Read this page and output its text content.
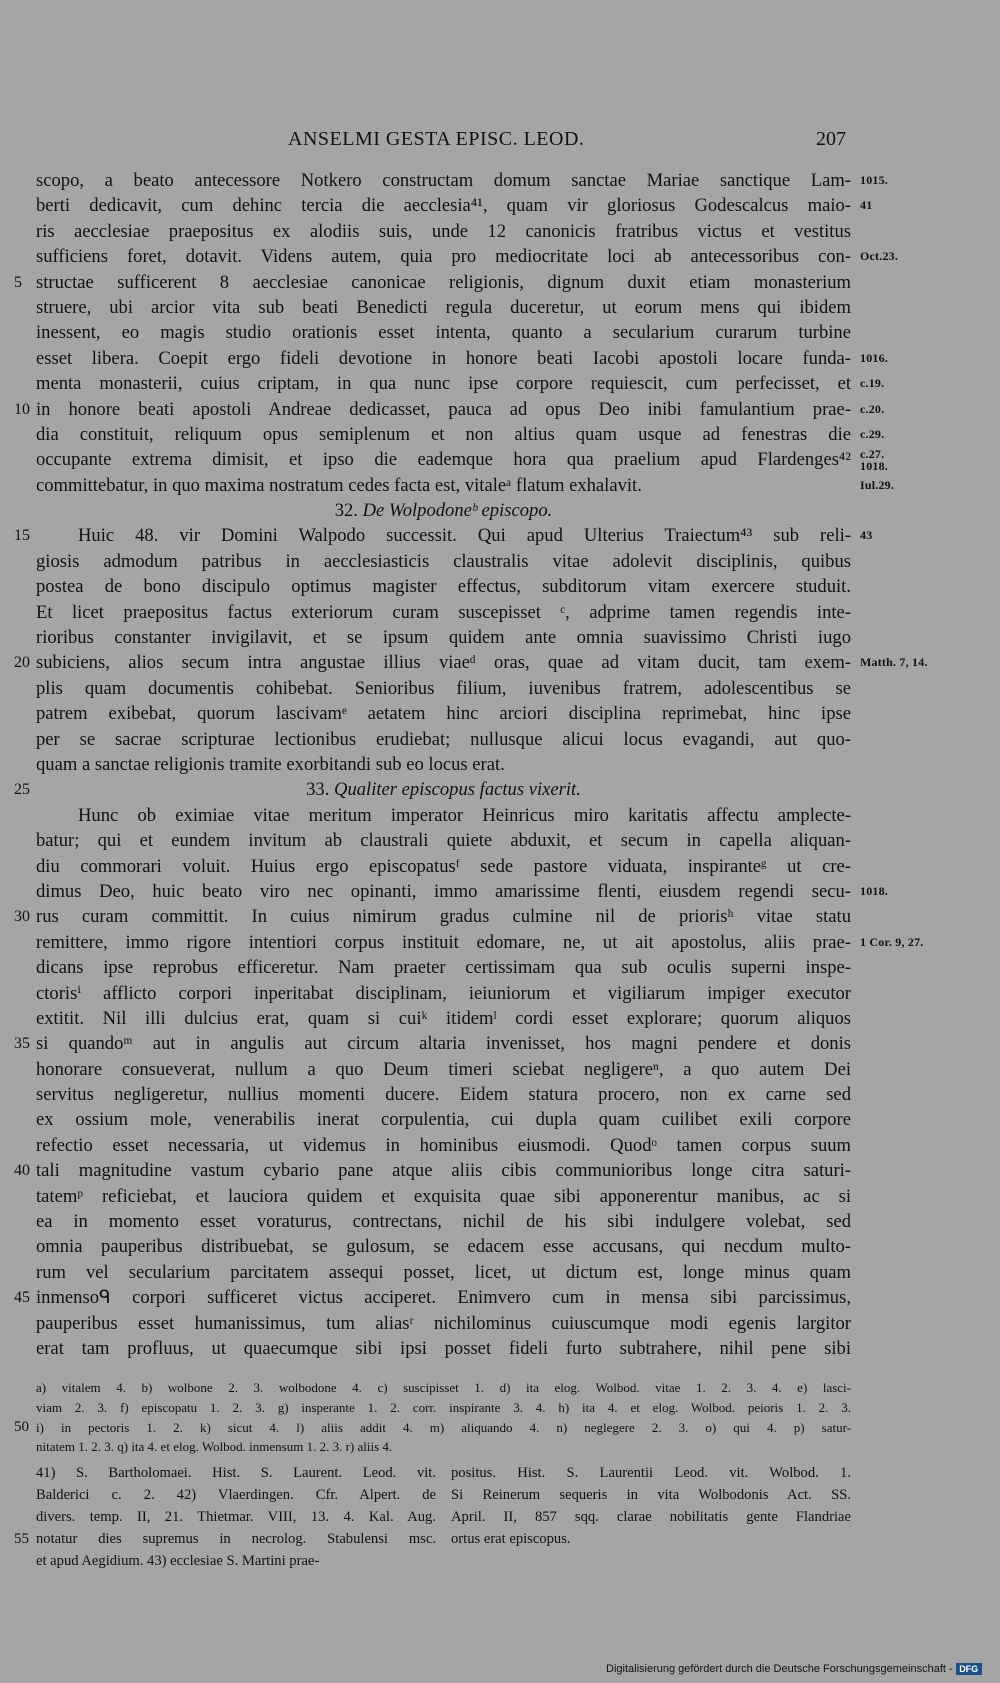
ANSELMI GESTA EPISC. LEOD.	207
scopo, a beato antecessore Notkero constructam domum sanctae Mariae sanctique Lam- 1015.
berti dedicavit, cum dehinc tercia die aecclesia⁴¹, quam vir gloriosus Godescalcus maio- 41
ris aecclesiae praepositus ex alodiis suis, unde 12 canonicis fratribus victus et vestitus
sufficiens foret, dotavit. Videns autem, quia pro mediocritate loci ab antecessoribus con- Oct.23.
structae sufficerent 8 aecclesiae canonicae religionis, dignum duxit etiam monasterium
5
struere, ubi arcior vita sub beati Benedicti regula duceretur, ut eorum mens qui ibidem
inessent, eo magis studio orationis esset intenta, quanto a secularium curarum turbine
esset libera. Coepit ergo fideli devotione in honore beati Iacobi apostoli locare funda- 1016.
menta monasterii, cuius criptam, in qua nunc ipse corpore requiescit, cum perfecisset, et c.19.
in honore beati apostoli Andreae dedicasset, pauca ad opus Deo inibi famulantium prae-
10	c.20.
dia constituit, reliquum opus semiplenum et non altius quam usque ad fenestras die c.29.
occupante extrema dimisit, et ipso die eademque hora qua praelium apud Flardenges⁴² c.27.
1018.
committebatur, in quo maxima nostratum cedes facta est, vitaleᵃ flatum exhalavit.	Iul.29.
32. De Wolpodoneᵇ episcopo.
Huic 48. vir Domini Walpodo successit. Qui apud Ulterius Traiectum⁴³ sub reli-
15	43
giosis admodum patribus in aecclesiasticis claustralis vitae adolevit disciplinis, quibus
postea de bono discipulo optimus magister effectus, subditorum vitam exercere studuit.
Et licet praepositus factus exteriorum curam suscepisset ᶜ, adprime tamen regendis inte-
rioribus constanter invigilavit, et se ipsum quidem ante omnia suavissimo Christi iugo
subiciens, alios secum intra angustae illius viaeᵈ oras, quae ad vitam ducit, tam exem-
20	Matth. 7, 14.
plis quam documentis cohibebat. Senioribus filium, iuvenibus fratrem, adolescentibus se
patrem exibebat, quorum lascivamᵉ aetatem hinc arciori disciplina reprimebat, hinc ipse
per se sacrae scripturae lectionibus erudiebat; nullusque alicui locus evagandi, aut quo-
quam a sanctae religionis tramite exorbitandi sub eo locus erat.
33. Qualiter episcopus factus vixerit.
25
Hunc ob eximiae vitae meritum imperator Heinricus miro karitatis affectu amplecte-
batur; qui et eundem invitum ab claustrali quiete abduxit, et secum in capella aliquan-
diu commorari voluit. Huius ergo episcopatusᶠ sede pastore viduata, inspiranteᵍ ut cre-
dimus Deo, huic beato viro nec opinanti, immo amarissime flenti, eiusdem regendi secu- 1018.
rus curam committit. In cuius nimirum gradus culmine nil de priorisʰ vitae statu
30
remittere, immo rigore intentiori corpus instituit edomare, ne, ut ait apostolus, aliis prae- 1 Cor. 9, 27.
dicans ipse reprobus efficeretur. Nam praeter certissimam qua sub oculis superni inspe-
ctorisⁱ afflicto corpori inperitabat disciplinam, ieiuniorum et vigiliarum impiger executor
extitit. Nil illi dulcius erat, quam si cuiᵏ itidemˡ cordi esset explorare; quorum aliquos
si quandoᵐ aut in angulis aut circum altaria invenisset, hos magni pendere et donis
35
honorare consueverat, nullum a quo Deum timeri sciebat negligereⁿ, a quo autem Dei
servitus negligeretur, nullius momenti ducere. Eidem statura procero, non ex carne sed
ex ossium mole, venerabilis inerat corpulentia, cui dupla quam cuilibet exili corpore
refectio esset necessaria, ut videmus in hominibus eiusmodi. Quodᵒ tamen corpus suum
tali magnitudine vastum cybario pane atque aliis cibis communioribus longe citra saturi-
40
tatemᵖ reficiebat, et lauciora quidem et exquisita quae sibi apponerentur manibus, ac si
ea in momento esset voraturus, contrectans, nichil de his sibi indulgere volebat, sed
omnia pauperibus distribuebat, se gulosum, se edacem esse accusans, qui necdum multo-
rum vel secularium parcitatem assequi posset, licet, ut dictum est, longe minus quam
inmensoᑫ corpori sufficeret victus acciperet. Enimvero cum in mensa sibi parcissimus,
45
pauperibus esset humanissimus, tum aliasʳ nichilominus cuiuscumque modi egenis largitor
erat tam profluus, ut quaecumque sibi ipsi posset fideli furto subtrahere, nihil pene sibi
a) vitalem 4. b) wolbone 2. 3. wolbodone 4. c) suscipisset 1. d) ita elog. Wolbod. vitae 1. 2. 3. 4. e) lasci-
viam 2. 3. f) episcopatu 1. 2. 3. g) insperante 1. 2. corr. inspirante 3. 4. h) ita 4. et elog. Wolbod. peioris 1. 2. 3.
i) in pectoris 1. 2. k) sicut 4. l) aliis addit 4. m) aliquando 4. n) neglegere 2. 3. o) qui 4. p) satur-
50
nitatem 1. 2. 3. q) ita 4. et elog. Wolbod. inmensum 1. 2. 3. r) aliis 4.
41) S. Bartholomaei. Hist. S. Laurent. Leod. vit.
Balderici c. 2. 42) Vlaerdingen. Cfr. Alpert. de
divers. temp. II, 21. Thietmar. VIII, 13. 4. Kal. Aug.
notatur dies supremus in necrolog. Stabulensi msc.
55
et apud Aegidium. 43) ecclesiae S. Martini prae-
positus. Hist. S. Laurentii Leod. vit. Wolbod. 1.
Si Reinerum sequeris in vita Wolbodonis Act. SS.
April. II, 857 sqq. clarae nobilitatis gente Flandriae
ortus erat episcopus.
Digitalisierung gefördert durch die Deutsche Forschungsgemeinschaft - DFG
